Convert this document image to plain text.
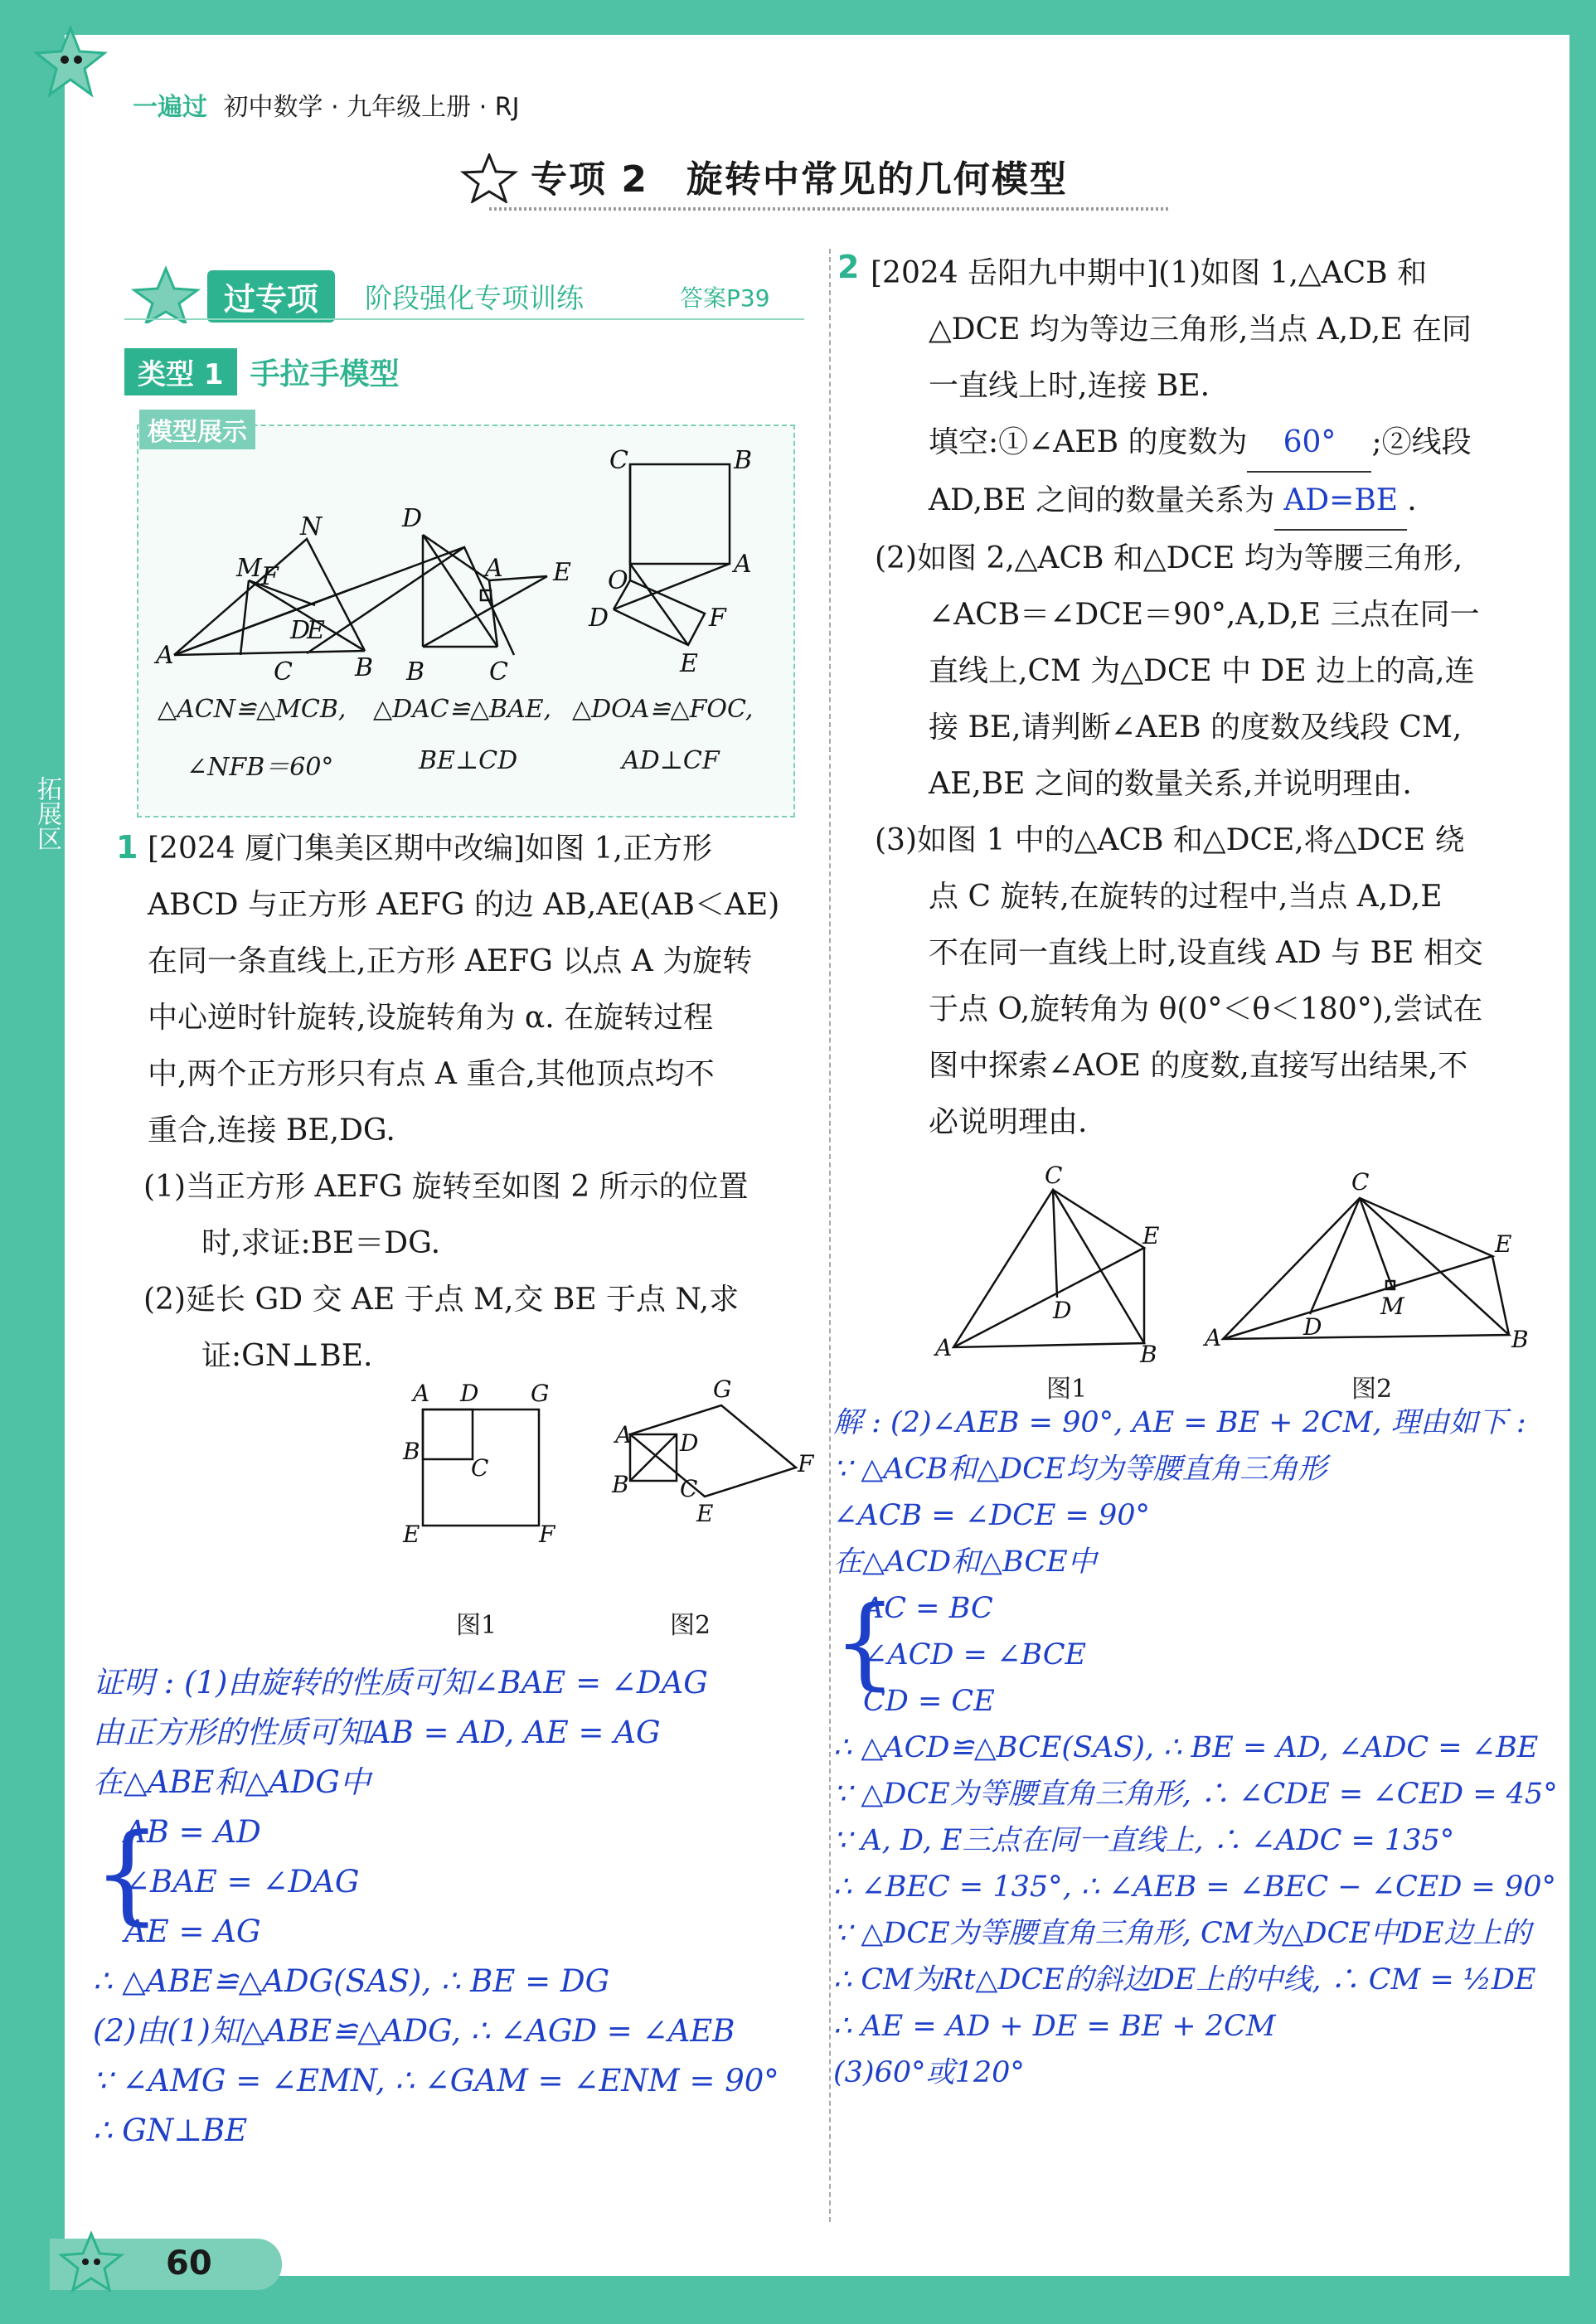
一遍过 初中数学 · 九年级上册 · RJ
专项 2　旋转中常见的几何模型
过专项	阶段强化专项训练	答案P39
类型 1 手拉手模型
模型展示
A
C	B
M F
D
E
N	D
B	C
A E
C	B
A
O
D	F
E
△ACN≌△MCB,
∠NFB＝60°
△DAC≌△BAE,
BE⊥CD
△DOA≌△FOC,
AD⊥CF
拓展区 1 [2024 厦门集美区期中改编]如图 1,正方形
ABCD 与正方形 AEFG 的边 AB,AE(AB＜AE)
在同一条直线上,正方形 AEFG 以点 A 为旋转
中心逆时针旋转,设旋转角为 α. 在旋转过程
中,两个正方形只有点 A 重合,其他顶点均不
重合,连接 BE,DG.
(1)当正方形 AEFG 旋转至如图 2 所示的位置
时,求证:BE＝DG.
(2)延长 GD 交 AE 于点 M,交 BE 于点 N,求
证:GN⊥BE.
A D G
B
C
E	F
A D
G
B C
F
E
图1	图2
证明 : (1)由旋转的性质可知∠BAE = ∠DAG
由正方形的性质可知AB = AD, AE = AG
在△ABE和△ADG中
{
AB = AD
∠BAE = ∠DAG
AE = AG
∴ △ABE≌△ADG(SAS), ∴ BE = DG
(2)由(1)知△ABE≌△ADG, ∴ ∠AGD = ∠AEB
∵ ∠AMG = ∠EMN, ∴ ∠GAM = ∠ENM = 90°
∴ GN⊥BE
2 [2024 岳阳九中期中](1)如图 1,△ACB 和
△DCE 均为等边三角形,当点 A,D,E 在同
一直线上时,连接 BE.
填空:①∠AEB 的度数为 60° ;②线段
AD,BE 之间的数量关系为 AD=BE .
(2)如图 2,△ACB 和△DCE 均为等腰三角形,
∠ACB＝∠DCE＝90°,A,D,E 三点在同一
直线上,CM 为△DCE 中 DE 边上的高,连
接 BE,请判断∠AEB 的度数及线段 CM,
AE,BE 之间的数量关系,并说明理由.
(3)如图 1 中的△ACB 和△DCE,将△DCE 绕
点 C 旋转,在旋转的过程中,当点 A,D,E
不在同一直线上时,设直线 AD 与 BE 相交
于点 O,旋转角为 θ(0°＜θ＜180°),尝试在
图中探索∠AOE 的度数,直接写出结果,不
必说明理由.
C
A	B
E
D
C
A	B
E
D
M
图1	图2
解 : (2)∠AEB = 90°, AE = BE + 2CM, 理由如下 :
∵ △ACB和△DCE均为等腰直角三角形
∠ACB = ∠DCE = 90°
在△ACD和△BCE中
{
AC = BC
∠ACD = ∠BCE
CD = CE
∴ △ACD≌△BCE(SAS), ∴ BE = AD, ∠ADC = ∠BE
∵ △DCE为等腰直角三角形, ∴ ∠CDE = ∠CED = 45°
∵ A, D, E三点在同一直线上, ∴ ∠ADC = 135°
∴ ∠BEC = 135°, ∴ ∠AEB = ∠BEC − ∠CED = 90°
∵ △DCE为等腰直角三角形, CM为△DCE中DE边上的
∴ CM为Rt△DCE的斜边DE上的中线, ∴ CM = ½DE
∴ AE = AD + DE = BE + 2CM
(3)60°或120°
60
